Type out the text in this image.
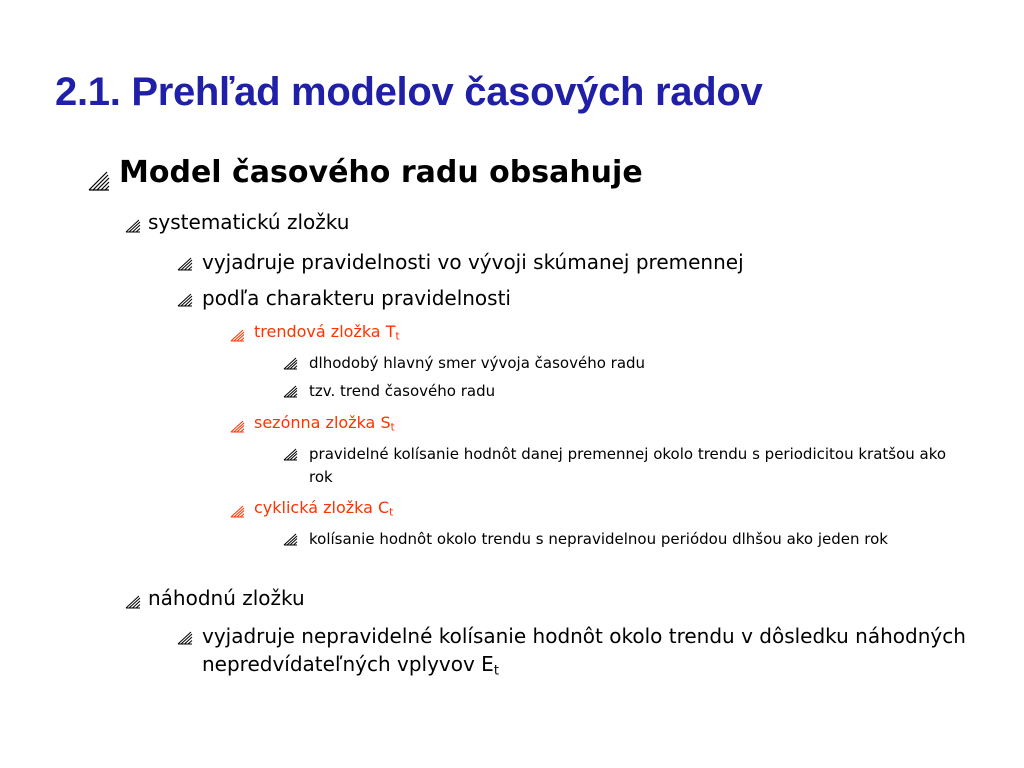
2.1. Prehľad modelov časových radov
Model časového radu obsahuje
systematickú zložku
vyjadruje pravidelnosti vo vývoji skúmanej premennej
podľa charakteru pravidelnosti
trendová zložka $T_t$
dlhodobý hlavný smer vývoja časového radu
tzv. trend časového radu
sezónna zložka $S_t$
pravidelné kolísanie hodnôt danej premennej okolo trendu s periodicitou kratšou ako rok
cyklická zložka $C_t$
kolísanie hodnôt okolo trendu s nepravidelnou periódou dlhšou ako jeden rok
náhodnú zložku
vyjadruje nepravidelné kolísanie hodnôt okolo trendu v dôsledku náhodných nepredvídateľných vplyvov $E_t$
